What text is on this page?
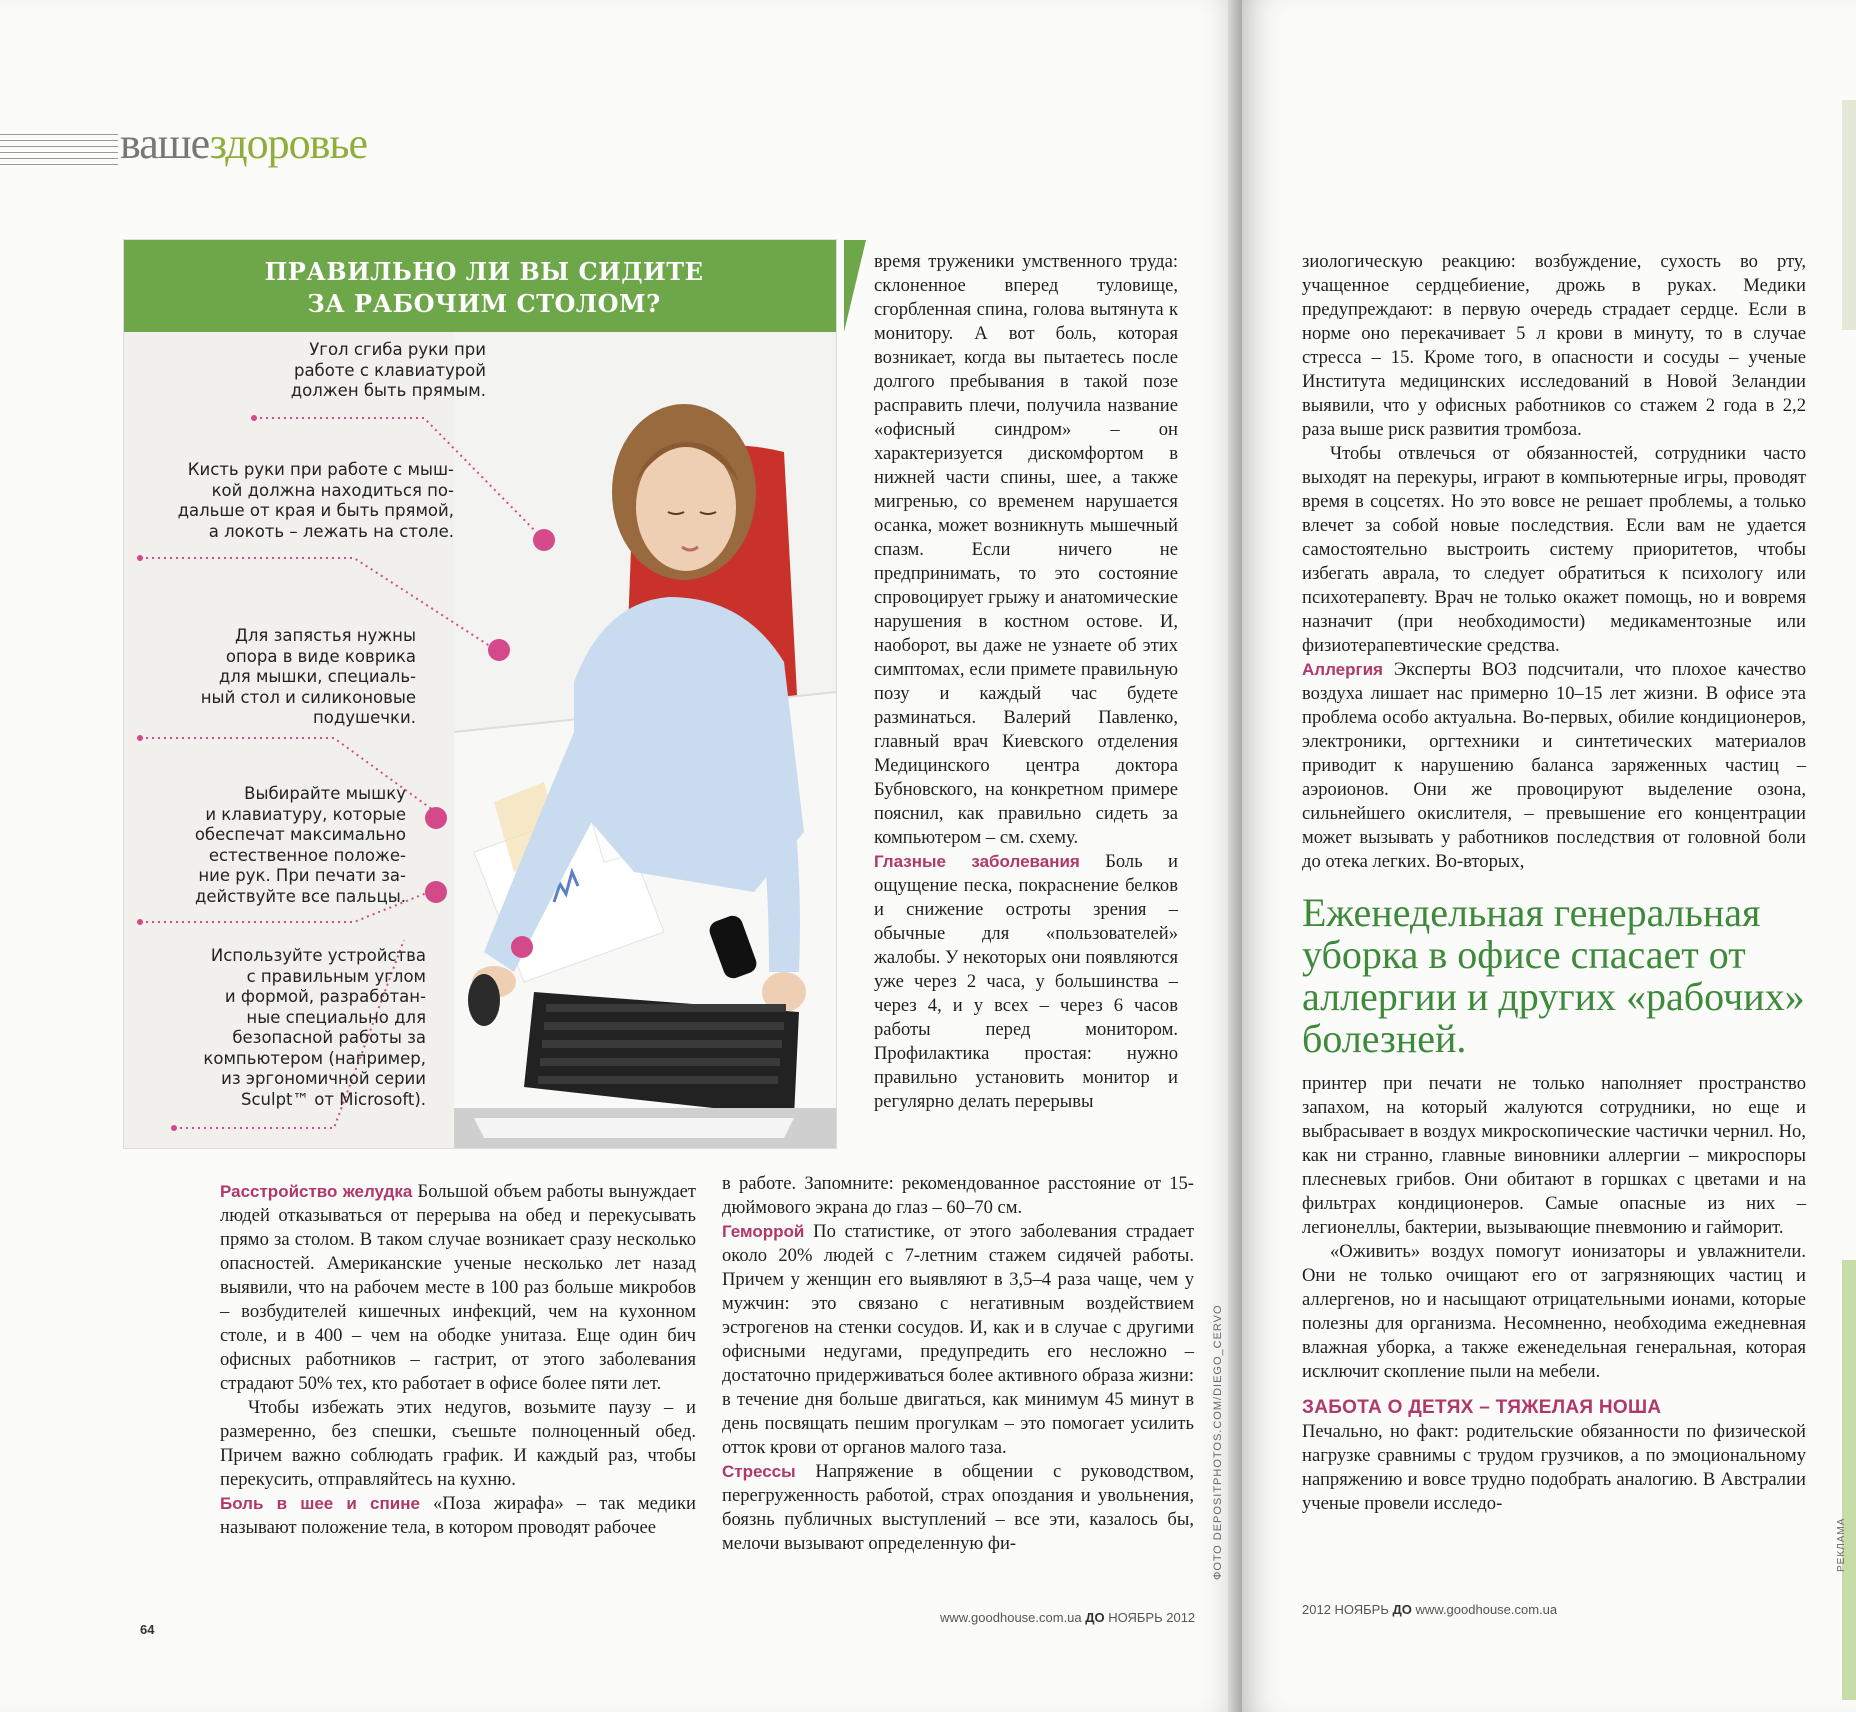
вашездоровье
ПРАВИЛЬНО ЛИ ВЫ СИДИТЕ
ЗА РАБОЧИМ СТОЛОМ?
Угол сгиба руки при
работе с клавиатурой
должен быть прямым.
Кисть руки при работе с мыш-
кой должна находиться по-
дальше от края и быть прямой,
а локоть – лежать на столе.
Для запястья нужны
опора в виде коврика
для мышки, специаль-
ный стол и силиконовые
подушечки.
Выбирайте мышку
и клавиатуру, которые
обеспечат максимально
естественное положе-
ние рук. При печати за-
действуйте все пальцы.
Используйте устройства
с правильным углом
и формой, разработан-
ные специально для
безопасной работы за
компьютером (например,
из эргономичной серии
Sculpt™ от Microsoft).

Расстройство желудка Большой объем работы вынуждает людей отказываться от перерыва на обед и перекусывать прямо за столом. В таком случае возникает сразу несколько опасностей. Американские ученые несколько лет назад выявили, что на рабочем месте в 100 раз больше микробов – возбудителей кишечных инфекций, чем на кухонном столе, и в 400 – чем на ободке унитаза. Еще один бич офисных работников – гастрит, от этого заболевания страдают 50% тех, кто работает в офисе более пяти лет.

Чтобы избежать этих недугов, возьмите паузу – и размеренно, без спешки, съешьте полноценный обед. Причем важно соблюдать график. И каждый раз, чтобы перекусить, отправляйтесь на кухню.

Боль в шее и спине «Поза жирафа» – так медики называют положение тела, в котором проводят рабочее

время труженики умственного труда: склоненное вперед туловище, сгорбленная спина, голова вытянута к монитору. А вот боль, которая возникает, когда вы пытаетесь после долгого пребывания в такой позе расправить плечи, получила название «офисный синдром» – он характеризуется дискомфортом в нижней части спины, шее, а также мигренью, со временем нарушается осанка, может возникнуть мышечный спазм. Если ничего не предпринимать, то это состояние спровоцирует грыжу и анатомические нарушения в костном остове. И, наоборот, вы даже не узнаете об этих симптомах, если примете правильную позу и каждый час будете разминаться. Валерий Павленко, главный врач Киевского отделения Медицинского центра доктора Бубновского, на конкретном примере пояснил, как правильно сидеть за компьютером – см. схему.

Глазные заболевания Боль и ощущение песка, покраснение белков и снижение остроты зрения – обычные для «пользователей» жалобы. У некоторых они появляются уже через 2 часа, у большинства – через 4, и у всех – через 6 часов работы перед монитором. Профилактика простая: нужно правильно установить монитор и регулярно делать перерывы

в работе. Запомните: рекомендованное расстояние от 15-дюймового экрана до глаз – 60–70 см.

Геморрой По статистике, от этого заболевания страдает около 20% людей с 7-летним стажем сидячей работы. Причем у женщин его выявляют в 3,5–4 раза чаще, чем у мужчин: это связано с негативным воздействием эстрогенов на стенки сосудов. И, как и в случае с другими офисными недугами, предупредить его несложно – достаточно придерживаться более активного образа жизни: в течение дня больше двигаться, как минимум 45 минут в день посвящать пешим прогулкам – это помогает усилить отток крови от органов малого таза.

Стрессы Напряжение в общении с руководством, перегруженность работой, страх опоздания и увольнения, боязнь публичных выступлений – все эти, казалось бы, мелочи вызывают определенную фи-

64
www.goodhouse.com.ua ДО НОЯБРЬ 2012
ФОТО DEPOSITPHOTOS.COM/DIEGO_CERVO

зиологическую реакцию: возбуждение, сухость во рту, учащенное сердцебиение, дрожь в руках. Медики предупреждают: в первую очередь страдает сердце. Если в норме оно перекачивает 5 л крови в минуту, то в случае стресса – 15. Кроме того, в опасности и сосуды – ученые Института медицинских исследований в Новой Зеландии выявили, что у офисных работников со стажем 2 года в 2,2 раза выше риск развития тромбоза.

Чтобы отвлечься от обязанностей, сотрудники часто выходят на перекуры, играют в компьютерные игры, проводят время в соцсетях. Но это вовсе не решает проблемы, а только влечет за собой новые последствия. Если вам не удается самостоятельно выстроить систему приоритетов, чтобы избегать аврала, то следует обратиться к психологу или психотерапевту. Врач не только окажет помощь, но и вовремя назначит (при необходимости) медикаментозные или физиотерапевтические средства.

Аллергия Эксперты ВОЗ подсчитали, что плохое качество воздуха лишает нас примерно 10–15 лет жизни. В офисе эта проблема особо актуальна. Во-первых, обилие кондиционеров, электроники, оргтехники и синтетических материалов приводит к нарушению баланса заряженных частиц – аэроионов. Они же провоцируют выделение озона, сильнейшего окислителя, – превышение его концентрации может вызывать у работников последствия от головной боли до отека легких. Во-вторых,

Еженедельная генеральная уборка в офисе спасает от аллергии и других «рабочих» болезней.

принтер при печати не только наполняет пространство запахом, на который жалуются сотрудники, но еще и выбрасывает в воздух микроскопические частички чернил. Но, как ни странно, главные виновники аллергии – микроспоры плесневых грибов. Они обитают в горшках с цветами и на фильтрах кондиционеров. Самые опасные из них – легионеллы, бактерии, вызывающие пневмонию и гайморит.

«Оживить» воздух помогут ионизаторы и увлажнители. Они не только очищают его от загрязняющих частиц и аллергенов, но и насыщают отрицательными ионами, которые полезны для организма. Несомненно, необходима ежедневная влажная уборка, а также еженедельная генеральная, которая исключит скопление пыли на мебели.

ЗАБОТА О ДЕТЯХ – ТЯЖЕЛАЯ НОША

Печально, но факт: родительские обязанности по физической нагрузке сравнимы с трудом грузчиков, а по эмоциональному напряжению и вовсе трудно подобрать аналогию. В Австралии ученые провели исследо-

2012 НОЯБРЬ ДО www.goodhouse.com.ua
РЕКЛАМА
